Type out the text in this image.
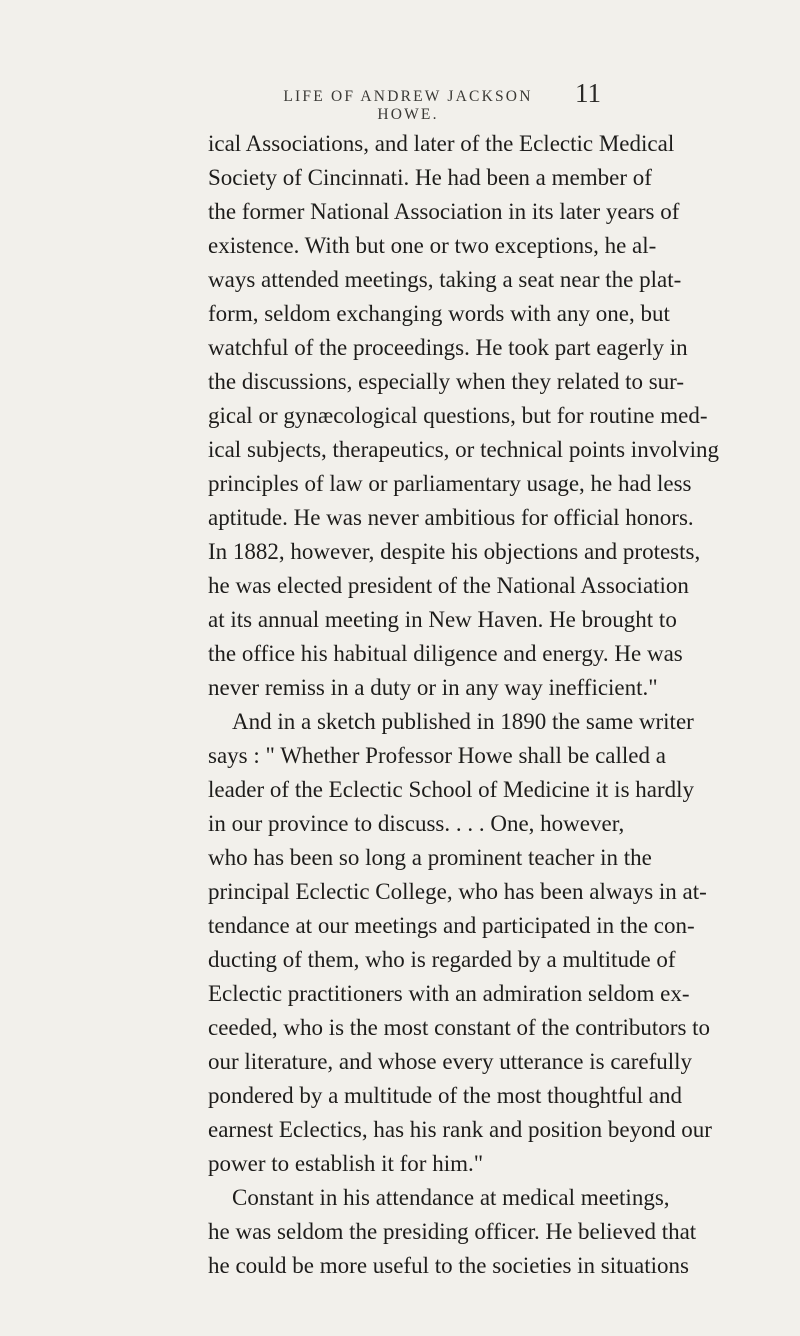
LIFE OF ANDREW JACKSON HOWE.
11
ical Associations, and later of the Eclectic Medical
Society of Cincinnati. He had been a member of
the former National Association in its later years of
existence. With but one or two exceptions, he al-
ways attended meetings, taking a seat near the plat-
form, seldom exchanging words with any one, but
watchful of the proceedings. He took part eagerly in
the discussions, especially when they related to sur-
gical or gynæcological questions, but for routine med-
ical subjects, therapeutics, or technical points involving
principles of law or parliamentary usage, he had less
aptitude. He was never ambitious for official honors.
In 1882, however, despite his objections and protests,
he was elected president of the National Association
at its annual meeting in New Haven. He brought to
the office his habitual diligence and energy. He was
never remiss in a duty or in any way inefficient."
And in a sketch published in 1890 the same writer
says : " Whether Professor Howe shall be called a
leader of the Eclectic School of Medicine it is hardly
in our province to discuss. . . . One, however,
who has been so long a prominent teacher in the
principal Eclectic College, who has been always in at-
tendance at our meetings and participated in the con-
ducting of them, who is regarded by a multitude of
Eclectic practitioners with an admiration seldom ex-
ceeded, who is the most constant of the contributors to
our literature, and whose every utterance is carefully
pondered by a multitude of the most thoughtful and
earnest Eclectics, has his rank and position beyond our
power to establish it for him."
Constant in his attendance at medical meetings,
he was seldom the presiding officer. He believed that
he could be more useful to the societies in situations
